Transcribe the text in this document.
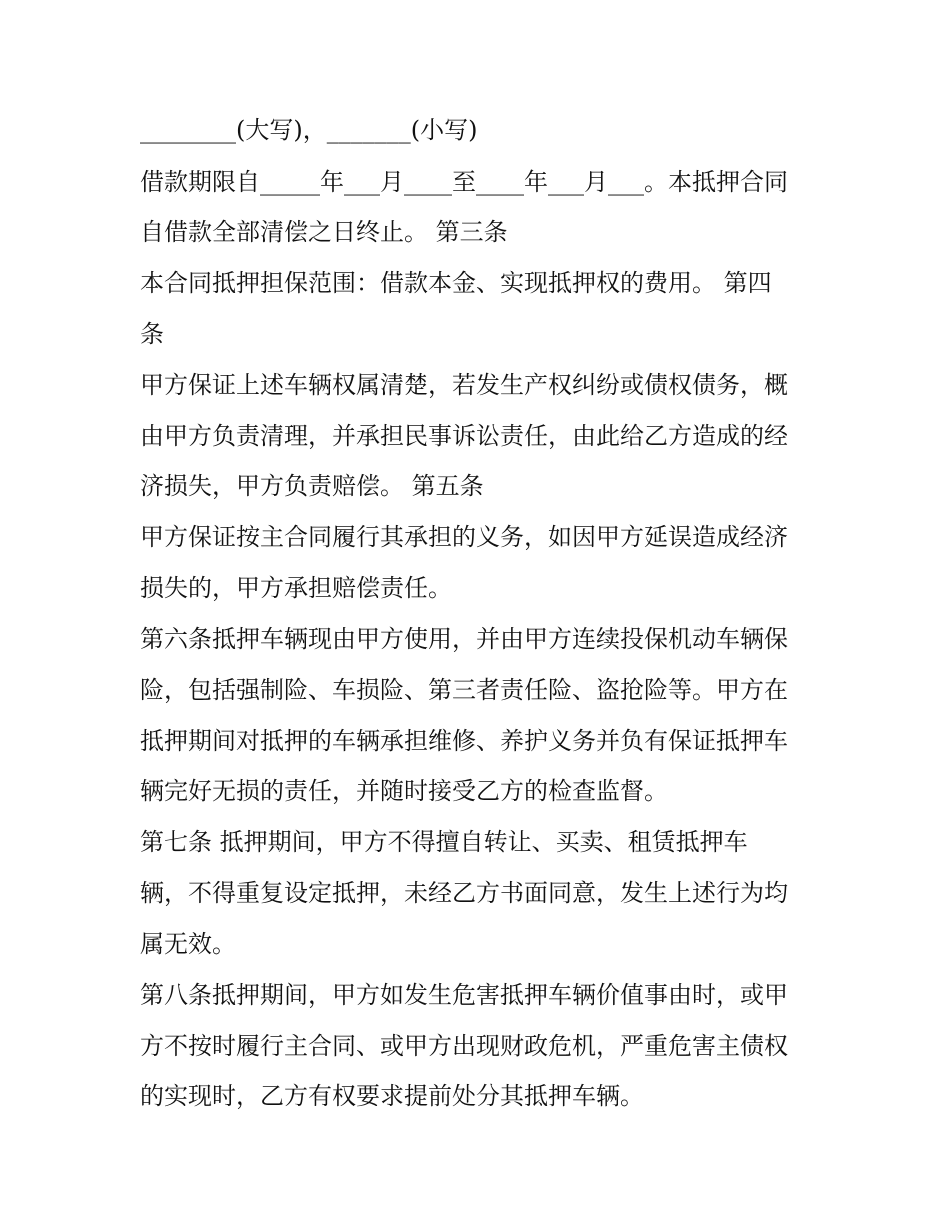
________(大写)，_______(小写)
借款期限自_____年___月____至____年___月___。本抵押合同
自借款全部清偿之日终止。 第三条
本合同抵押担保范围：借款本金、实现抵押权的费用。 第四
条
甲方保证上述车辆权属清楚，若发生产权纠纷或债权债务，概
由甲方负责清理，并承担民事诉讼责任，由此给乙方造成的经
济损失，甲方负责赔偿。 第五条
甲方保证按主合同履行其承担的义务，如因甲方延误造成经济
损失的，甲方承担赔偿责任。
第六条抵押车辆现由甲方使用，并由甲方连续投保机动车辆保
险，包括强制险、车损险、第三者责任险、盗抢险等。甲方在
抵押期间对抵押的车辆承担维修、养护义务并负有保证抵押车
辆完好无损的责任，并随时接受乙方的检查监督。
第七条 抵押期间，甲方不得擅自转让、买卖、租赁抵押车
辆，不得重复设定抵押，未经乙方书面同意，发生上述行为均
属无效。
第八条抵押期间，甲方如发生危害抵押车辆价值事由时，或甲
方不按时履行主合同、或甲方出现财政危机，严重危害主债权
的实现时，乙方有权要求提前处分其抵押车辆。
